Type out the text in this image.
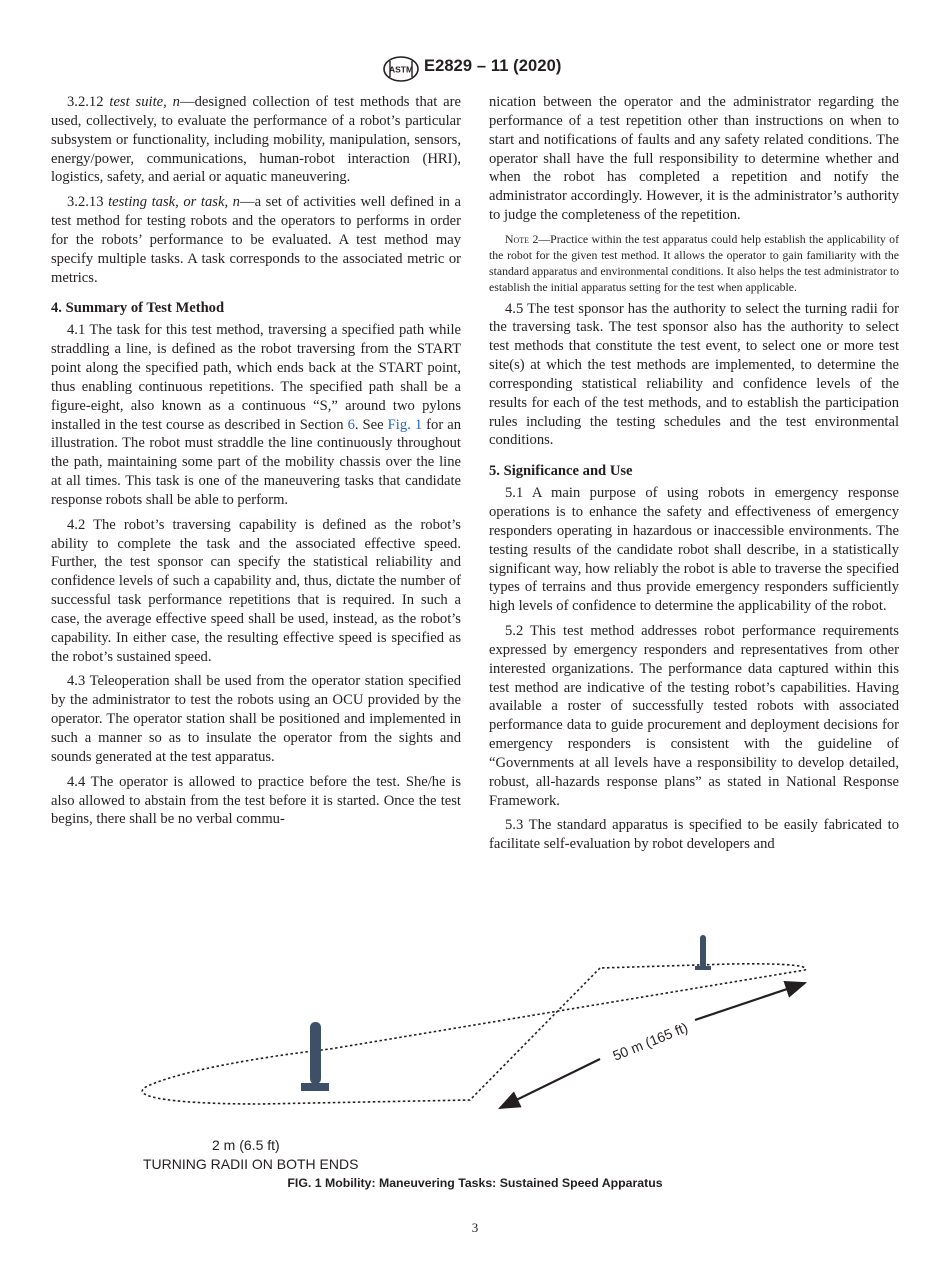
ASTM E2829 – 11 (2020)

3.2.12 test suite, n—designed collection of test methods that are used, collectively, to evaluate the performance of a robot’s particular subsystem or functionality, including mobility, manipulation, sensors, energy/power, communications, human-robot interaction (HRI), logistics, safety, and aerial or aquatic maneuvering.

3.2.13 testing task, or task, n—a set of activities well defined in a test method for testing robots and the operators to performs in order for the robots’ performance to be evaluated. A test method may specify multiple tasks. A task corresponds to the associated metric or metrics.

4. Summary of Test Method

4.1 The task for this test method, traversing a specified path while straddling a line, is defined as the robot traversing from the START point along the specified path, which ends back at the START point, thus enabling continuous repetitions. The specified path shall be a figure-eight, also known as a continuous “S,” around two pylons installed in the test course as described in Section 6. See Fig. 1 for an illustration. The robot must straddle the line continuously throughout the path, maintaining some part of the mobility chassis over the line at all times. This task is one of the maneuvering tasks that candidate response robots shall be able to perform.

4.2 The robot’s traversing capability is defined as the robot’s ability to complete the task and the associated effective speed. Further, the test sponsor can specify the statistical reliability and confidence levels of such a capability and, thus, dictate the number of successful task performance repetitions that is required. In such a case, the average effective speed shall be used, instead, as the robot’s capability. In either case, the resulting effective speed is specified as the robot’s sustained speed.

4.3 Teleoperation shall be used from the operator station specified by the administrator to test the robots using an OCU provided by the operator. The operator station shall be positioned and implemented in such a manner so as to insulate the operator from the sights and sounds generated at the test apparatus.

4.4 The operator is allowed to practice before the test. She/he is also allowed to abstain from the test before it is started. Once the test begins, there shall be no verbal commu-

nication between the operator and the administrator regarding the performance of a test repetition other than instructions on when to start and notifications of faults and any safety related conditions. The operator shall have the full responsibility to determine whether and when the robot has completed a repetition and notify the administrator accordingly. However, it is the administrator’s authority to judge the completeness of the repetition.

Note 2—Practice within the test apparatus could help establish the applicability of the robot for the given test method. It allows the operator to gain familiarity with the standard apparatus and environmental conditions. It also helps the test administrator to establish the initial apparatus setting for the test when applicable.

4.5 The test sponsor has the authority to select the turning radii for the traversing task. The test sponsor also has the authority to select test methods that constitute the test event, to select one or more test site(s) at which the test methods are implemented, to determine the corresponding statistical reliability and confidence levels of the results for each of the test methods, and to establish the participation rules including the testing schedules and the test environmental conditions.

5. Significance and Use

5.1 A main purpose of using robots in emergency response operations is to enhance the safety and effectiveness of emergency responders operating in hazardous or inaccessible environments. The testing results of the candidate robot shall describe, in a statistically significant way, how reliably the robot is able to traverse the specified types of terrains and thus provide emergency responders sufficiently high levels of confidence to determine the applicability of the robot.

5.2 This test method addresses robot performance requirements expressed by emergency responders and representatives from other interested organizations. The performance data captured within this test method are indicative of the testing robot’s capabilities. Having available a roster of successfully tested robots with associated performance data to guide procurement and deployment decisions for emergency responders is consistent with the guideline of “Governments at all levels have a responsibility to develop detailed, robust, all-hazards response plans” as stated in National Response Framework.

5.3 The standard apparatus is specified to be easily fabricated to facilitate self-evaluation by robot developers and

50 m (165 ft)
2 m (6.5 ft)
TURNING RADII ON BOTH ENDS
FIG. 1 Mobility: Maneuvering Tasks: Sustained Speed Apparatus
3
